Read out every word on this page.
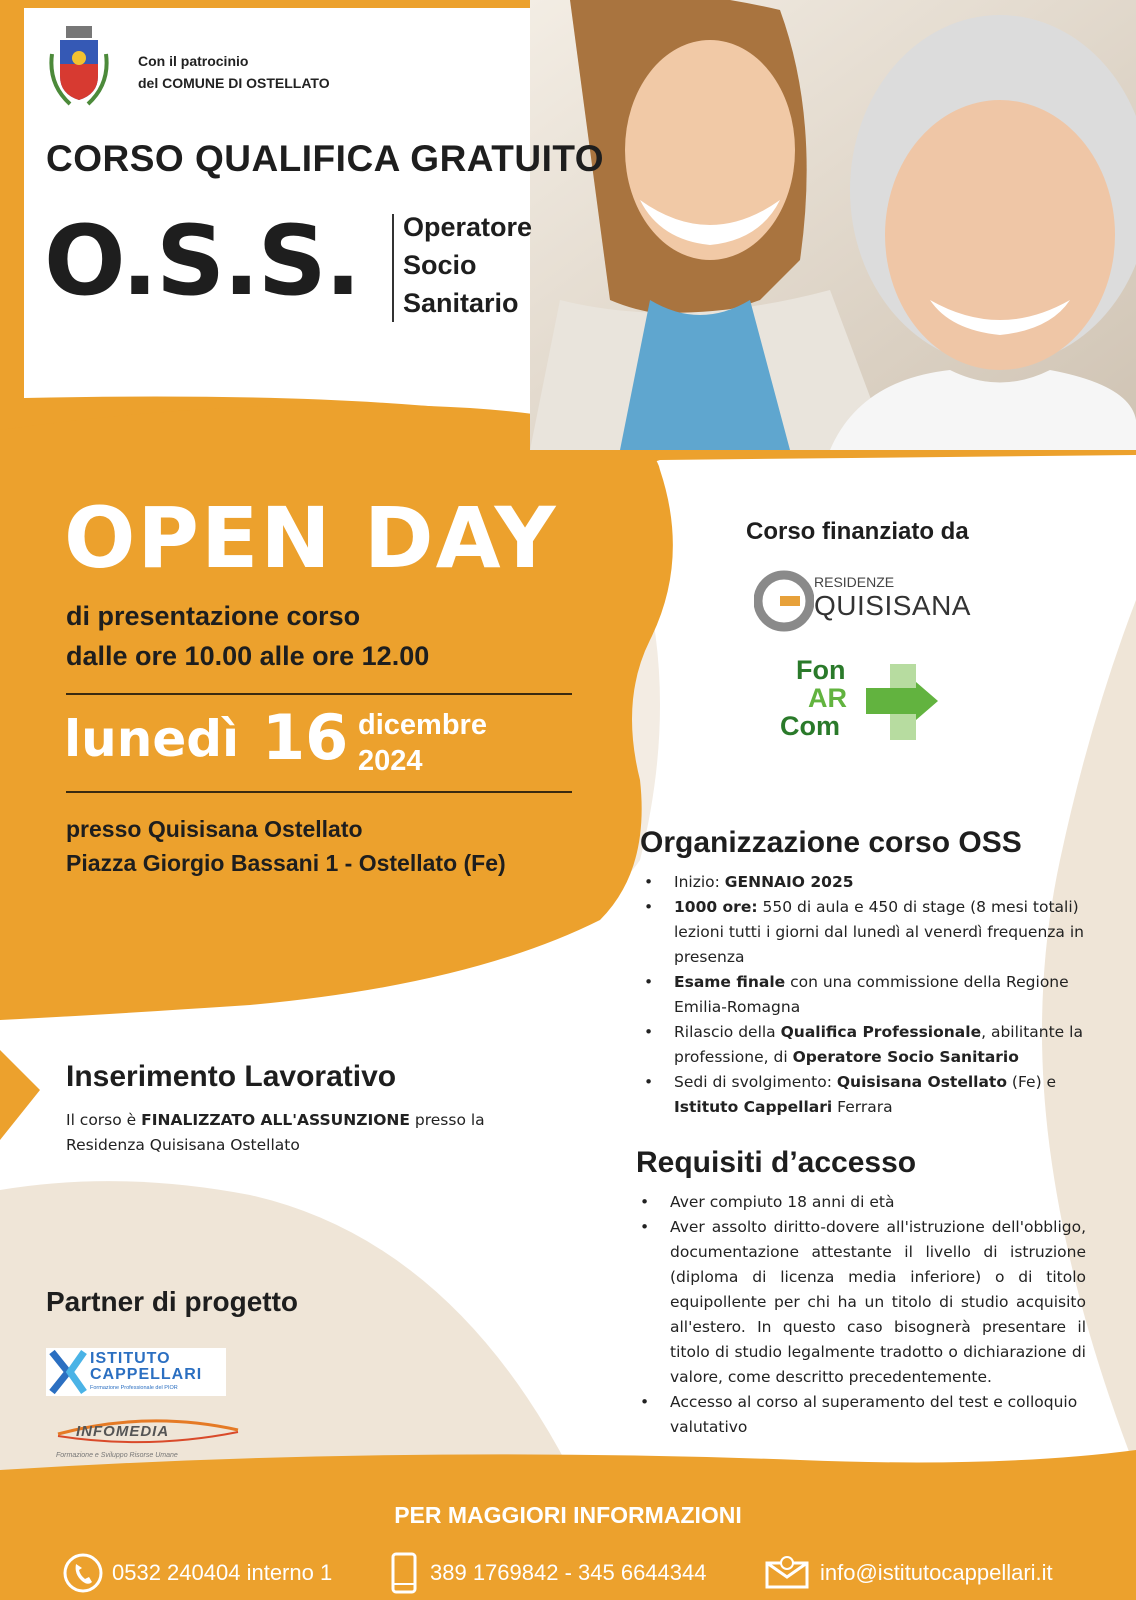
Con il patrocinio
del COMUNE DI OSTELLATO
CORSO QUALIFICA GRATUITO
O.S.S. Operatore
Socio
Sanitario
OPEN DAY
di presentazione corso
dalle ore 10.00 alle ore 12.00
lunedì 16 dicembre
2024
presso Quisisana Ostellato
Piazza Giorgio Bassani 1 - Ostellato (Fe)
Corso finanziato da
RESIDENZE
QUISISANA
Fon
AR
Com
Organizzazione corso OSS
• Inizio: GENNAIO 2025
• 1000 ore: 550 di aula e 450 di stage (8 mesi totali) lezioni tutti i giorni dal lunedì al venerdì frequenza in presenza
• Esame finale con una commissione della Regione Emilia-Romagna
• Rilascio della Qualifica Professionale, abilitante la professione, di Operatore Socio Sanitario
• Sedi di svolgimento: Quisisana Ostellato (Fe) e Istituto Cappellari Ferrara
Inserimento Lavorativo
Il corso è FINALIZZATO ALL'ASSUNZIONE presso la Residenza Quisisana Ostellato
Requisiti d’accesso
• Aver compiuto 18 anni di età
• Aver assolto diritto-dovere all'istruzione dell'obbligo, documentazione attestante il livello di istruzione (diploma di licenza media inferiore) o di titolo equipollente per chi ha un titolo di studio acquisito all'estero. In questo caso bisognerà presentare il titolo di studio legalmente tradotto o dichiarazione di valore, come descritto precedentemente.
• Accesso al corso al superamento del test e colloquio valutativo
Partner di progetto
ISTITUTO
CAPPELLARI
Formazione Professionale del PIOR
INFOMEDIA
Formazione e Sviluppo Risorse Umane
PER MAGGIORI INFORMAZIONI
0532 240404 interno 1	389 1769842 - 345 6644344	info@istitutocappellari.it
